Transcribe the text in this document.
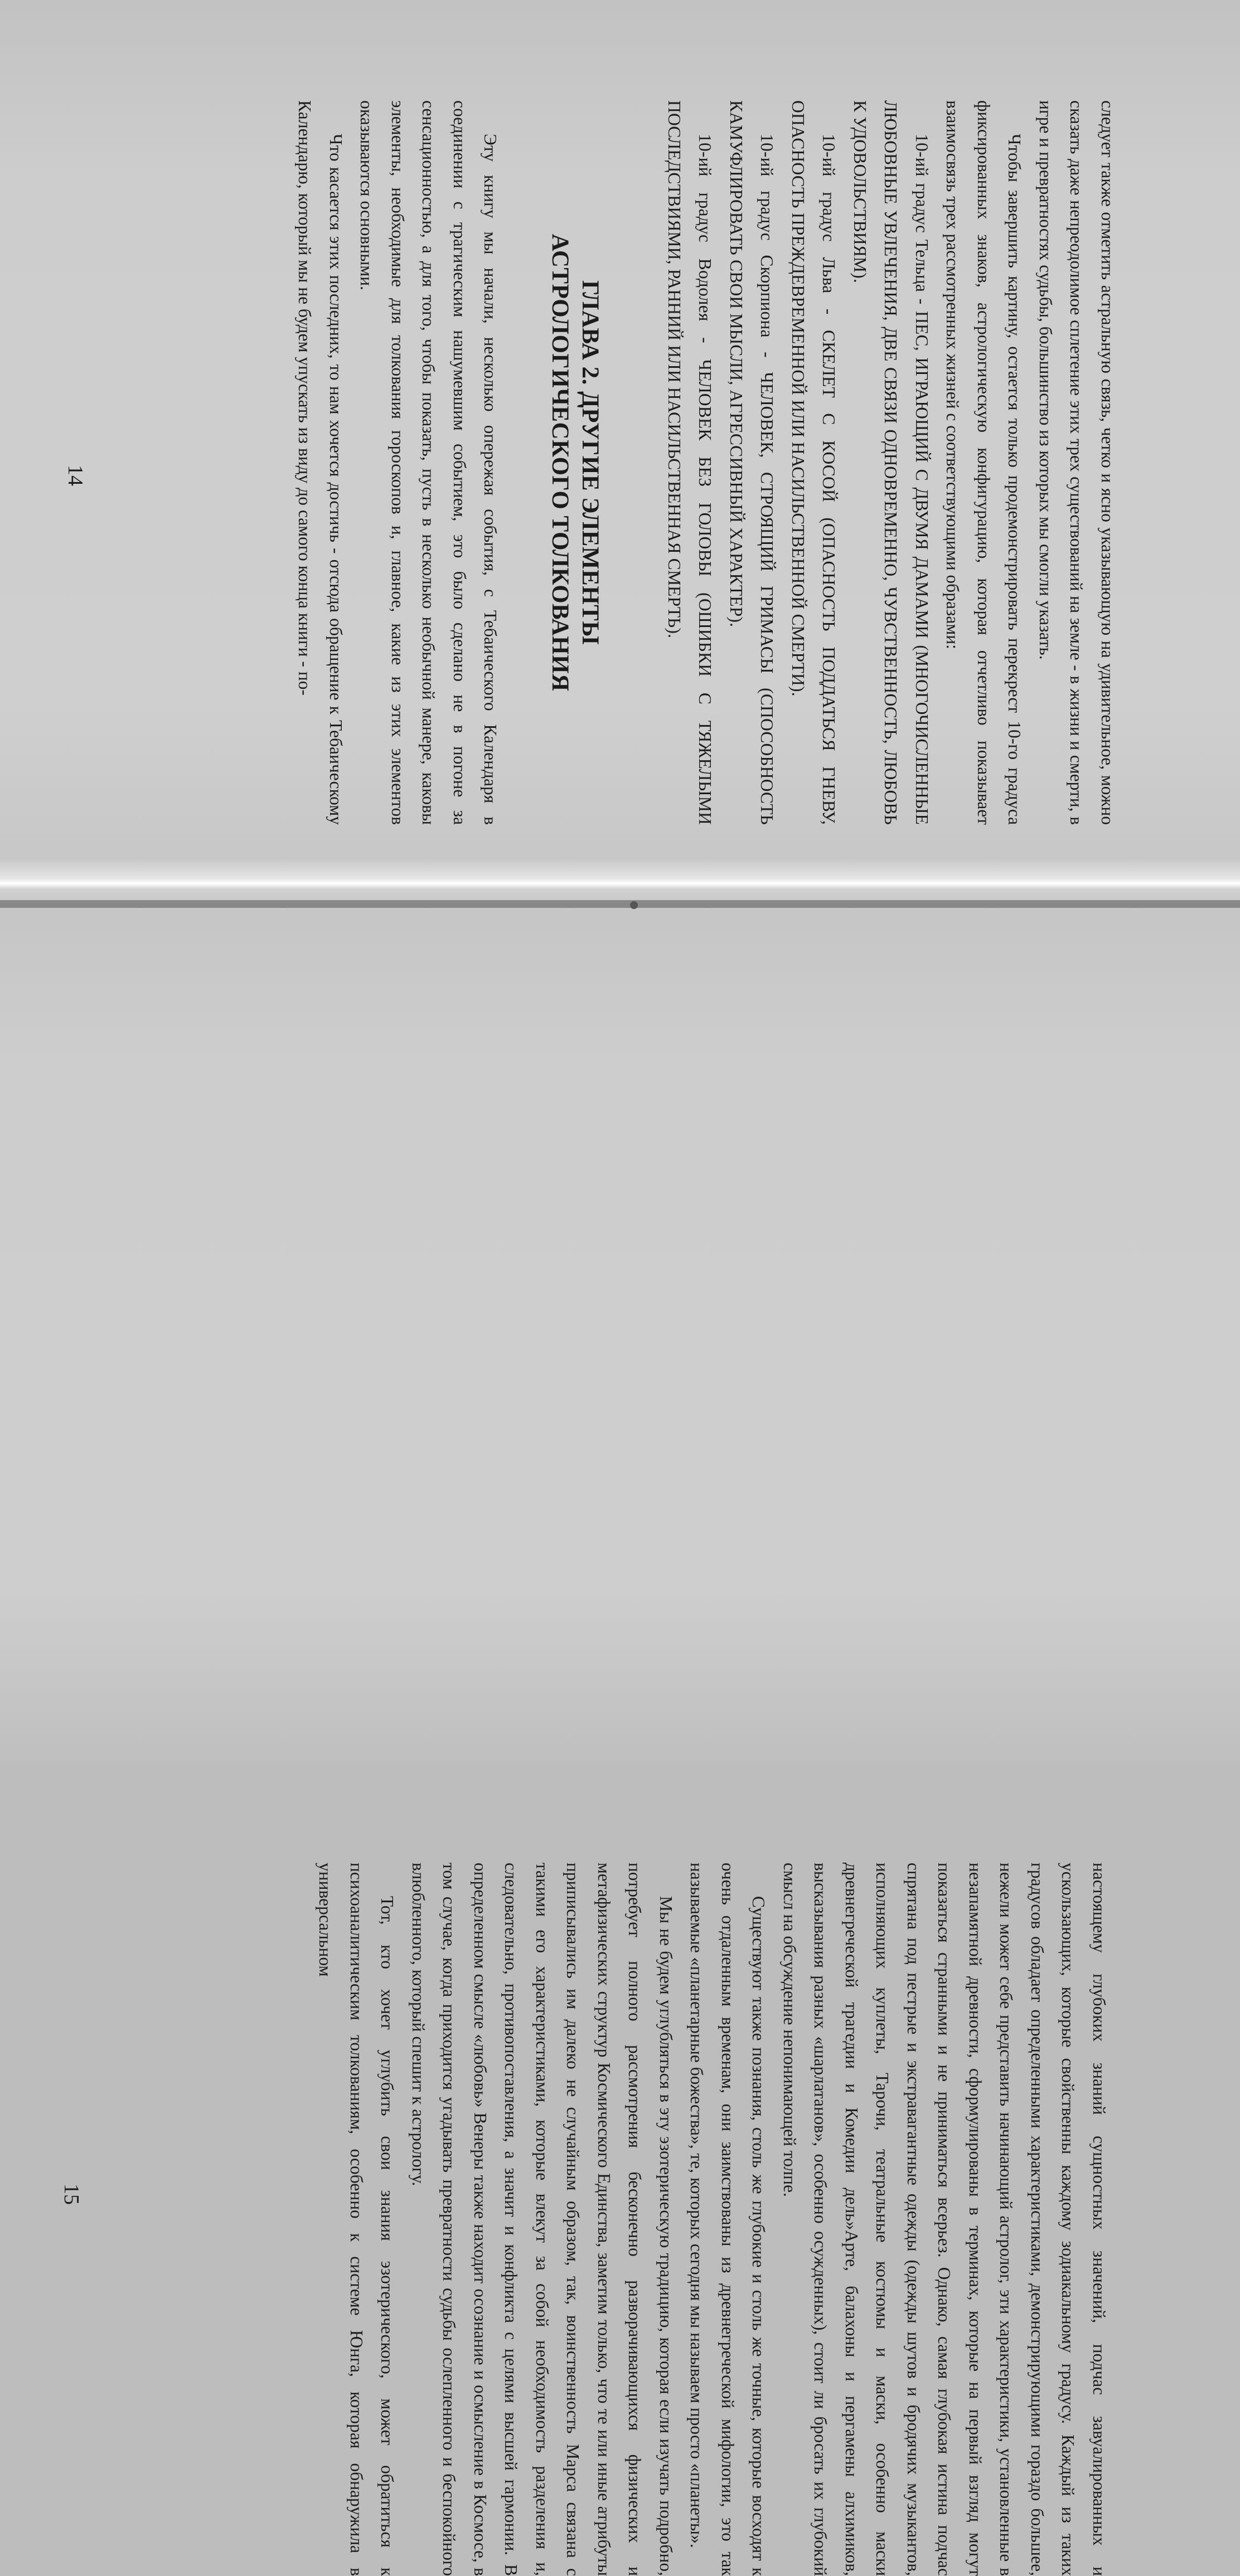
следует также отметить астральную связь, четко и ясно указывающую на удивительное, можно сказать даже непреодолимое сплетение этих трех существований на земле - в жизни и смерти, в игре и превратностях судьбы, большинство из которых мы смогли указать.

Чтобы завершить картину, остается только продемонстрировать перекрест 10-го градуса фиксированных знаков, астрологическую конфигурацию, которая отчетливо показывает взаимосвязь трех рассмотренных жизней с соответствующими образами:

10-ий градус Тельца - ПЕС, ИГРАЮЩИЙ С ДВУМЯ ДАМАМИ (МНОГОЧИСЛЕННЫЕ ЛЮБОВНЫЕ УВЛЕЧЕНИЯ, ДВЕ СВЯЗИ ОДНОВРЕМЕННО, ЧУВСТВЕННОСТЬ, ЛЮБОВЬ К УДОВОЛЬСТВИЯМ).

10-ий градус Льва - СКЕЛЕТ С КОСОЙ (ОПАСНОСТЬ ПОДДАТЬСЯ ГНЕВУ, ОПАСНОСТЬ ПРЕЖДЕВРЕМЕННОЙ ИЛИ НАСИЛЬСТВЕННОЙ СМЕРТИ).

10-ий градус Скорпиона - ЧЕЛОВЕК, СТРОЯЩИЙ ГРИМАСЫ (СПОСОБНОСТЬ КАМУФЛИРОВАТЬ СВОИ МЫСЛИ, АГРЕССИВНЫЙ ХАРАКТЕР).

10-ий градус Водолея - ЧЕЛОВЕК БЕЗ ГОЛОВЫ (ОШИБКИ С ТЯЖЕЛЫМИ ПОСЛЕДСТВИЯМИ, РАННИЙ ИЛИ НАСИЛЬСТВЕННАЯ СМЕРТЬ).

ГЛАВА 2. ДРУГИЕ ЭЛЕМЕНТЫ
АСТРОЛОГИЧЕСКОГО ТОЛКОВАНИЯ

Эту книгу мы начали, несколько опережая события, с Тебаического Календаря в соединении с трагическим нашумевшим событием, это было сделано не в погоне за сенсационностью, а для того, чтобы показать, пусть в несколько необычной манере, каковы элементы, необходимые для толкования гороскопов и, главное, какие из этих элементов оказываются основными.

Что касается этих последних, то нам хочется достичь - отсюда обращение к Тебаическому Календарю, который мы не будем упускать из виду до самого конца книги - по-

14

настоящему глубоких знаний сущностных значений, подчас завуалированных и ускользающих, которые свойственны каждому зодиакальному градусу. Каждый из таких градусов обладает определенными характеристиками, демонстрирующими гораздо большее, нежели может себе представить начинающий астролог, эти характеристики, установленные в незапамятной древности, сформулированы в терминах, которые на первый взгляд могут показаться странными и не приниматься всерьез. Однако, самая глубокая истина подчас спрятана под пестрые и экстравагантные одежды (одежды шутов и бродячих музыкантов, исполняющих куплеты, Тарочи, театральные костюмы и маски, особенно маски древнегреческой трагедии и Комедии дель»Арте, балахоны и пергамены алхимиков, высказывания разных «шарлатанов», особенно осужденных), стоит ли бросать их глубокий смысл на обсуждение непонимающей толпе.

Существуют также познания, столь же глубокие и столь же точные, которые восходят к очень отдаленным временам, они заимствованы из древнегреческой мифологии, это так называемые «планетарные божества», те, которых сегодня мы называем просто «планеты».

Мы не будем углубляться в эту эзотерическую традицию, которая если изучать подробно, потребует полного рассмотрения бесконечно разворачивающихся физических и метафизических структур Космического Единства, заметим только, что те или иные атрибуты приписывались им далеко не случайным образом, так, воинственность Марса связана с такими его характеристиками, которые влекут за собой необходимость разделения и, следовательно, противопоставления, а значит и конфликта с целями высшей гармонии. В определенном смысле «любовь» Венеры также находит осознание и осмысление в Космосе, в том случае, когда приходится угадывать превратности судьбы ослепленного и беспокойного влюбленного, который спешит к астрологу.

Тот, кто хочет углубить свои знания эзотерического, может обратиться к психоаналитическим толкованиям, особенно к системе Юнга, которая обнаружила в универсальном

15
